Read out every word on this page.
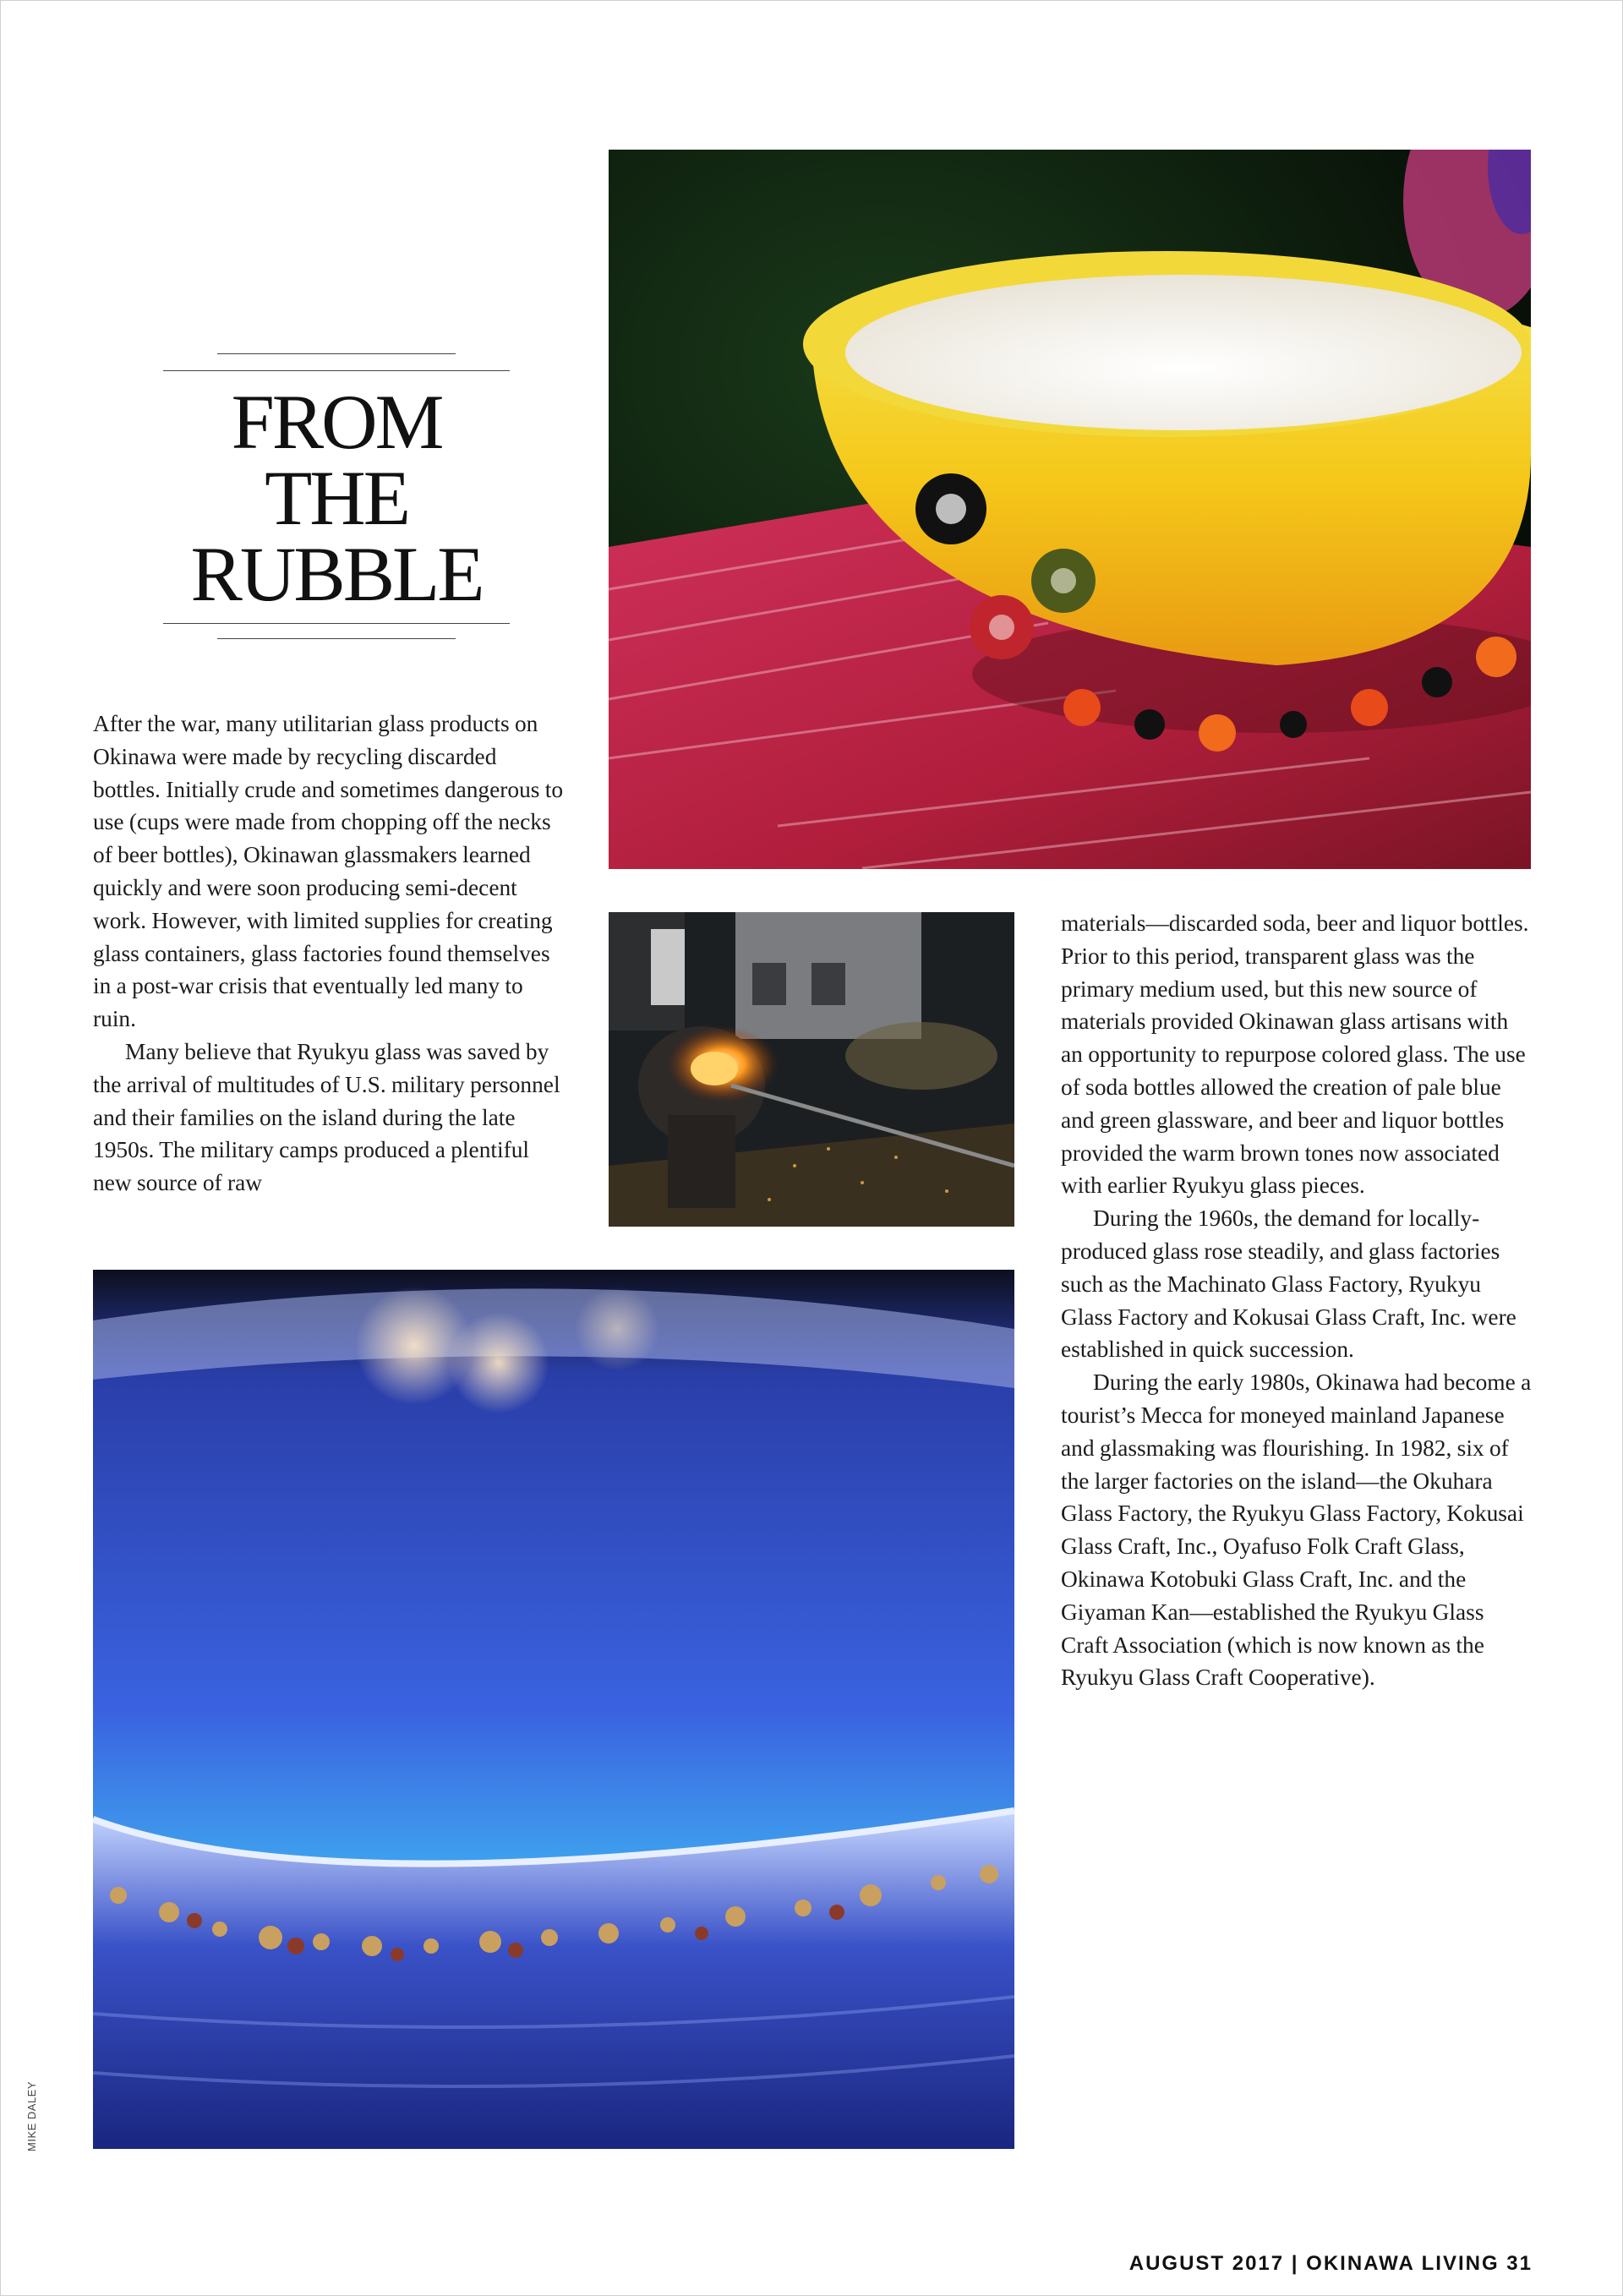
FROM
THE
RUBBLE

After the war, many utilitarian glass products on Okinawa were made by recycling discarded bottles. Initially crude and sometimes dangerous to use (cups were made from chopping off the necks of beer bottles), Okinawan glassmakers learned quickly and were soon producing semi-decent work. However, with limited supplies for creating glass containers, glass factories found themselves in a post-war crisis that eventually led many to ruin.

Many believe that Ryukyu glass was saved by the arrival of multitudes of U.S. military personnel and their families on the island during the late 1950s. The military camps produced a plentiful new source of raw

materials—discarded soda, beer and liquor bottles. Prior to this period, transparent glass was the primary medium used, but this new source of materials provided Okinawan glass artisans with an opportunity to repurpose colored glass. The use of soda bottles allowed the creation of pale blue and green glassware, and beer and liquor bottles provided the warm brown tones now associated with earlier Ryukyu glass pieces.

During the 1960s, the demand for locally-produced glass rose steadily, and glass factories such as the Machinato Glass Factory, Ryukyu Glass Factory and Kokusai Glass Craft, Inc. were established in quick succession.

During the early 1980s, Okinawa had become a tourist’s Mecca for moneyed mainland Japanese and glassmaking was flourishing. In 1982, six of the larger factories on the island—the Okuhara Glass Factory, the Ryukyu Glass Factory, Kokusai Glass Craft, Inc., Oyafuso Folk Craft Glass, Okinawa Kotobuki Glass Craft, Inc. and the Giyaman Kan—established the Ryukyu Glass Craft Association (which is now known as the Ryukyu Glass Craft Cooperative).

MIKE DALEY
AUGUST 2017 | OKINAWA LIVING 31
